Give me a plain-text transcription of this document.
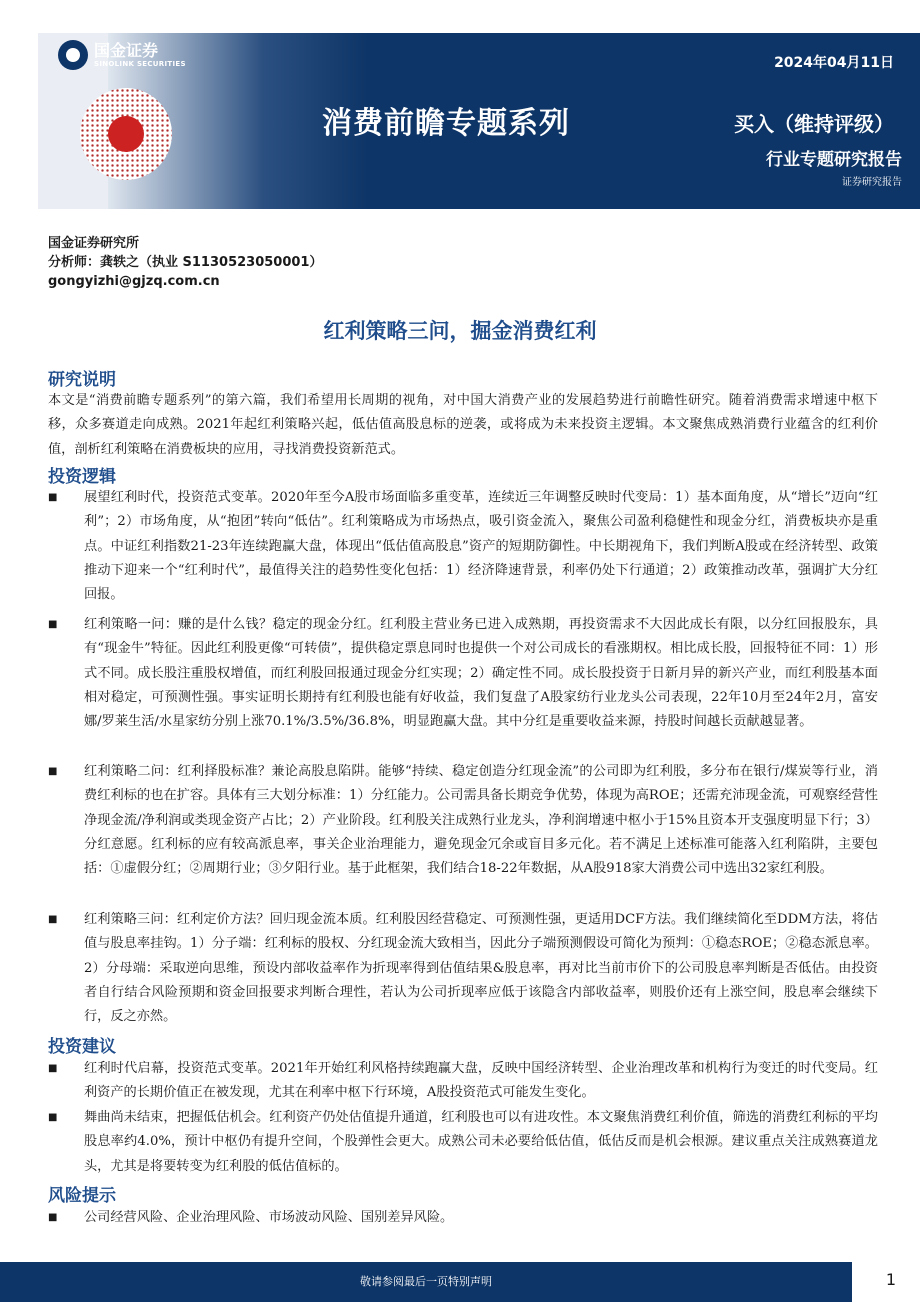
国金证券
SINOLINK SECURITIES
消费前瞻专题系列
2024年04月11日
买入（维持评级）
行业专题研究报告
证券研究报告
国金证券研究所
分析师：龚轶之（执业 S1130523050001）
gongyizhi@gjzq.com.cn
红利策略三问，掘金消费红利
研究说明
本文是“消费前瞻专题系列”的第六篇，我们希望用长周期的视角，对中国大消费产业的发展趋势进行前瞻性研究。随着消费需求增速中枢下移，众多赛道走向成熟。2021年起红利策略兴起，低估值高股息标的逆袭，或将成为未来投资主逻辑。本文聚焦成熟消费行业蕴含的红利价值，剖析红利策略在消费板块的应用，寻找消费投资新范式。
投资逻辑
■	展望红利时代，投资范式变革。2020年至今A股市场面临多重变革，连续近三年调整反映时代变局：1）基本面角度，从“增长”迈向“红利”；2）市场角度，从“抱团”转向“低估”。红利策略成为市场热点，吸引资金流入，聚焦公司盈利稳健性和现金分红，消费板块亦是重点。中证红利指数21-23年连续跑赢大盘，体现出“低估值高股息”资产的短期防御性。中长期视角下，我们判断A股或在经济转型、政策推动下迎来一个“红利时代”，最值得关注的趋势性变化包括：1）经济降速背景，利率仍处下行通道；2）政策推动改革，强调扩大分红回报。
■	红利策略一问：赚的是什么钱？稳定的现金分红。红利股主营业务已进入成熟期，再投资需求不大因此成长有限，以分红回报股东，具有“现金牛”特征。因此红利股更像“可转债”，提供稳定票息同时也提供一个对公司成长的看涨期权。相比成长股，回报特征不同：1）形式不同。成长股注重股权增值，而红利股回报通过现金分红实现；2）确定性不同。成长股投资于日新月异的新兴产业，而红利股基本面相对稳定，可预测性强。事实证明长期持有红利股也能有好收益，我们复盘了A股家纺行业龙头公司表现，22年10月至24年2月，富安娜/罗莱生活/水星家纺分别上涨70.1%/3.5%/36.8%，明显跑赢大盘。其中分红是重要收益来源，持股时间越长贡献越显著。
■	红利策略二问：红利择股标准？兼论高股息陷阱。能够“持续、稳定创造分红现金流”的公司即为红利股，多分布在银行/煤炭等行业，消费红利标的也在扩容。具体有三大划分标准：1）分红能力。公司需具备长期竞争优势，体现为高ROE；还需充沛现金流，可观察经营性净现金流/净利润或类现金资产占比；2）产业阶段。红利股关注成熟行业龙头，净利润增速中枢小于15%且资本开支强度明显下行；3）分红意愿。红利标的应有较高派息率，事关企业治理能力，避免现金冗余或盲目多元化。若不满足上述标准可能落入红利陷阱，主要包括：①虚假分红；②周期行业；③夕阳行业。基于此框架，我们结合18-22年数据，从A股918家大消费公司中选出32家红利股。
■	红利策略三问：红利定价方法？回归现金流本质。红利股因经营稳定、可预测性强，更适用DCF方法。我们继续简化至DDM方法，将估值与股息率挂钩。1）分子端：红利标的股权、分红现金流大致相当，因此分子端预测假设可简化为预判：①稳态ROE；②稳态派息率。2）分母端：采取逆向思维，预设内部收益率作为折现率得到估值结果&股息率，再对比当前市价下的公司股息率判断是否低估。由投资者自行结合风险预期和资金回报要求判断合理性，若认为公司折现率应低于该隐含内部收益率，则股价还有上涨空间，股息率会继续下行，反之亦然。
投资建议
■	红利时代启幕，投资范式变革。2021年开始红利风格持续跑赢大盘，反映中国经济转型、企业治理改革和机构行为变迁的时代变局。红利资产的长期价值正在被发现，尤其在利率中枢下行环境，A股投资范式可能发生变化。
■	舞曲尚未结束，把握低估机会。红利资产仍处估值提升通道，红利股也可以有进攻性。本文聚焦消费红利价值，筛选的消费红利标的平均股息率约4.0%，预计中枢仍有提升空间，个股弹性会更大。成熟公司未必要给低估值，低估反而是机会根源。建议重点关注成熟赛道龙头，尤其是将要转变为红利股的低估值标的。
风险提示
■	公司经营风险、企业治理风险、市场波动风险、国别差异风险。
敬请参阅最后一页特别声明	1
